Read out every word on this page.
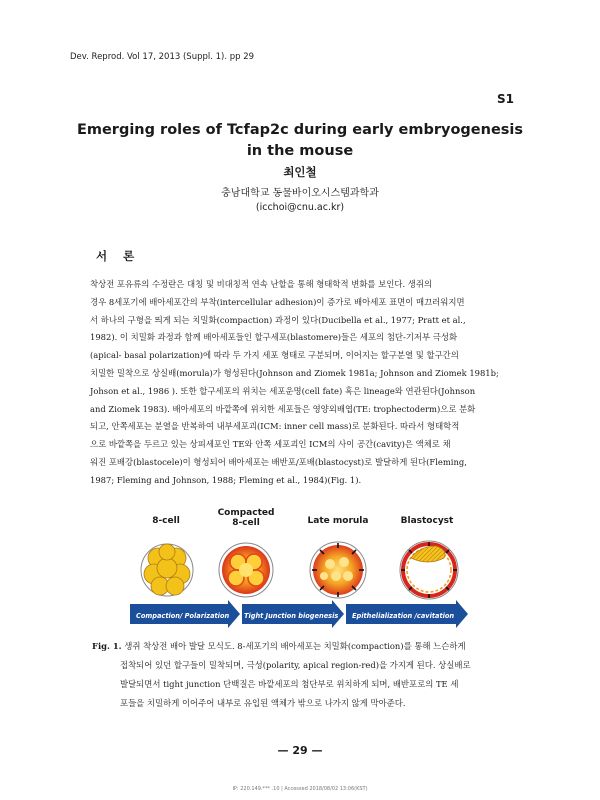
Dev. Reprod. Vol 17, 2013 (Suppl. 1). pp 29
S1
Emerging roles of Tcfap2c during early embryogenesis
in the mouse
최인철
충남대학교 동물바이오시스템과학과
(icchoi@cnu.ac.kr)
서 론
착상전 포유류의 수정란은 대칭 및 비대칭적 연속 난할을 통해 형태학적 변화를 보인다. 생쥐의
경우 8세포기에 배아세포간의 부착(intercellular adhesion)이 증가로 배아세포 표면이 매끄러워지면
서 하나의 구형을 띄게 되는 치밀화(compaction) 과정이 있다(Ducibella et al., 1977; Pratt et al.,
1982). 이 치밀화 과정과 함께 배아세포들인 할구세포(blastomere)들은 세포의 첨단-기저부 극성화
(apical- basal polarization)에 따라 두 가지 세포 형태로 구분되며, 이어지는 할구분열 및 할구간의
치밀한 밀착으로 상실배(morula)가 형성된다(Johnson and Ziomek 1981a; Johnson and Ziomek 1981b;
Johson et al., 1986 ). 또한 할구세포의 위치는 세포운명(cell fate) 혹은 lineage와 연관된다(Johnson
and Ziomek 1983). 배아세포의 바깥쪽에 위치한 세포들은 영양외배엽(TE: trophectoderm)으로 분화
되고, 안쪽세포는 분열을 반복하여 내부세포괴(ICM: inner cell mass)로 분화된다. 따라서 형태학적
으로 바깥쪽을 두르고 있는 상피세포인 TE와 안쪽 세포괴인 ICM의 사이 공간(cavity)은 액체로 채
워진 포배강(blastocele)이 형성되어 배아세포는 배반포/포배(blastocyst)로 발달하게 된다(Fleming,
1987; Fleming and Johnson, 1988; Fleming et al., 1984)(Fig. 1).
8-cell
Compacted 8-cell	Late morula	Blastocyst
Compaction/ Polarization Tight Junction biogenesis Epithelialization /cavitation
Fig. 1. 생쥐 착상전 배아 발달 모식도. 8-세포기의 배아세포는 치밀화(compaction)를 통해 느슨하게
접착되어 있던 할구들이 밀착되며, 극성(polarity, apical region-red)을 가지게 된다. 상실배로
발달되면서 tight junction 단백질은 바깥세포의 첨단부로 위치하게 되며, 배반포로의 TE 세
포들을 치밀하게 이어주어 내부로 유입된 액체가 밖으로 나가지 않게 막아준다.
— 29 —
IP: 220.149.*** .10 | Accessed 2018/08/02 13:06(KST)
